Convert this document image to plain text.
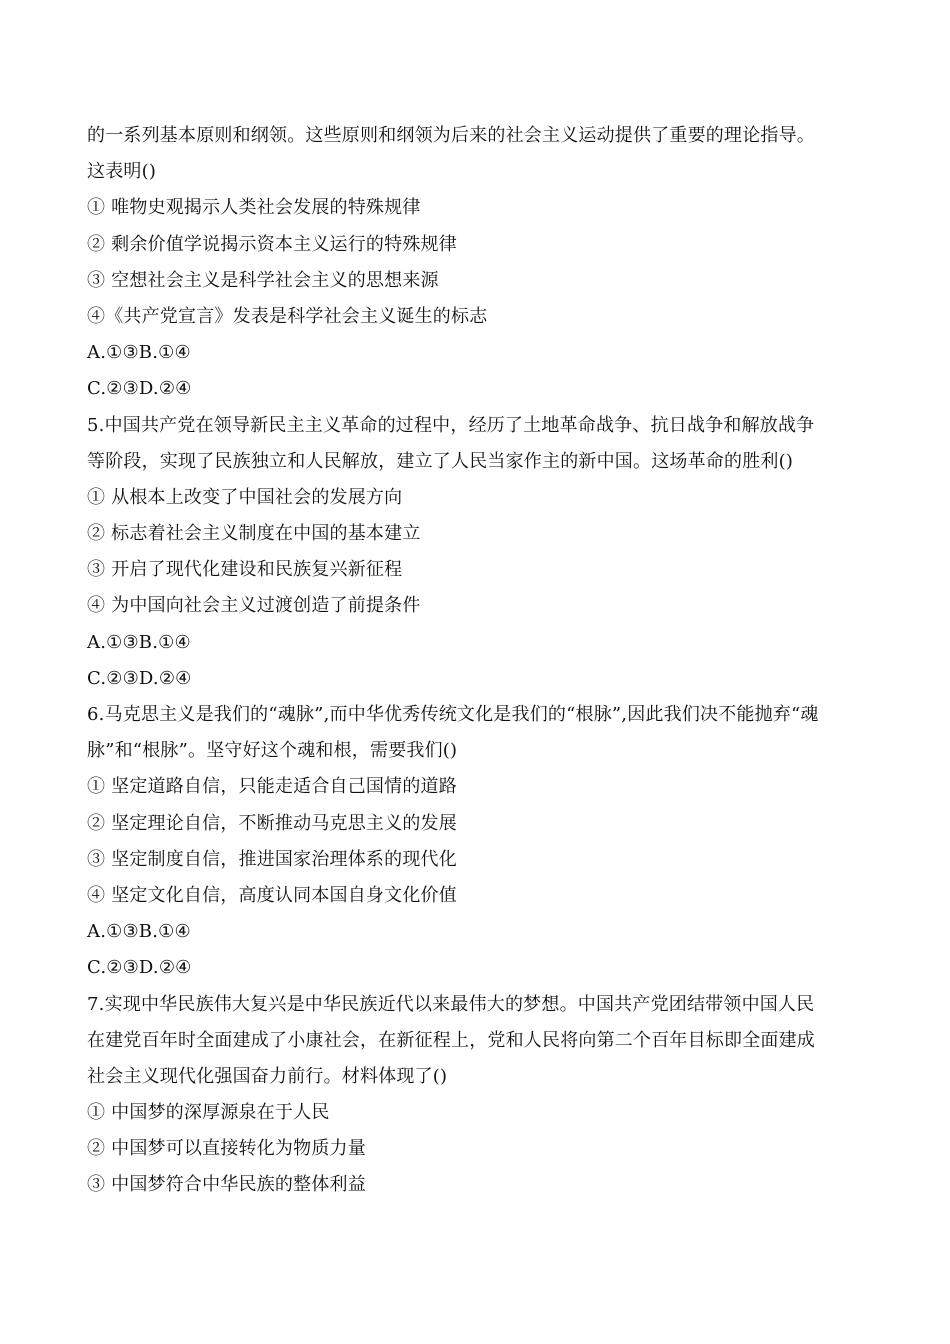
的一系列基本原则和纲领。这些原则和纲领为后来的社会主义运动提供了重要的理论指导。
这表明()
① 唯物史观揭示人类社会发展的特殊规律
② 剩余价值学说揭示资本主义运行的特殊规律
③ 空想社会主义是科学社会主义的思想来源
④《共产党宣言》发表是科学社会主义诞生的标志
A.①③B.①④
C.②③D.②④
5.中国共产党在领导新民主主义革命的过程中，经历了土地革命战争、抗日战争和解放战争
等阶段，实现了民族独立和人民解放，建立了人民当家作主的新中国。这场革命的胜利()
① 从根本上改变了中国社会的发展方向
② 标志着社会主义制度在中国的基本建立
③ 开启了现代化建设和民族复兴新征程
④ 为中国向社会主义过渡创造了前提条件
A.①③B.①④
C.②③D.②④
6.马克思主义是我们的“魂脉”,而中华优秀传统文化是我们的“根脉”,因此我们决不能抛弃“魂
脉”和“根脉”。坚守好这个魂和根，需要我们()
① 坚定道路自信，只能走适合自己国情的道路
② 坚定理论自信，不断推动马克思主义的发展
③ 坚定制度自信，推进国家治理体系的现代化
④ 坚定文化自信，高度认同本国自身文化价值
A.①③B.①④
C.②③D.②④
7.实现中华民族伟大复兴是中华民族近代以来最伟大的梦想。中国共产党团结带领中国人民
在建党百年时全面建成了小康社会，在新征程上，党和人民将向第二个百年目标即全面建成
社会主义现代化强国奋力前行。材料体现了()
① 中国梦的深厚源泉在于人民
② 中国梦可以直接转化为物质力量
③ 中国梦符合中华民族的整体利益
